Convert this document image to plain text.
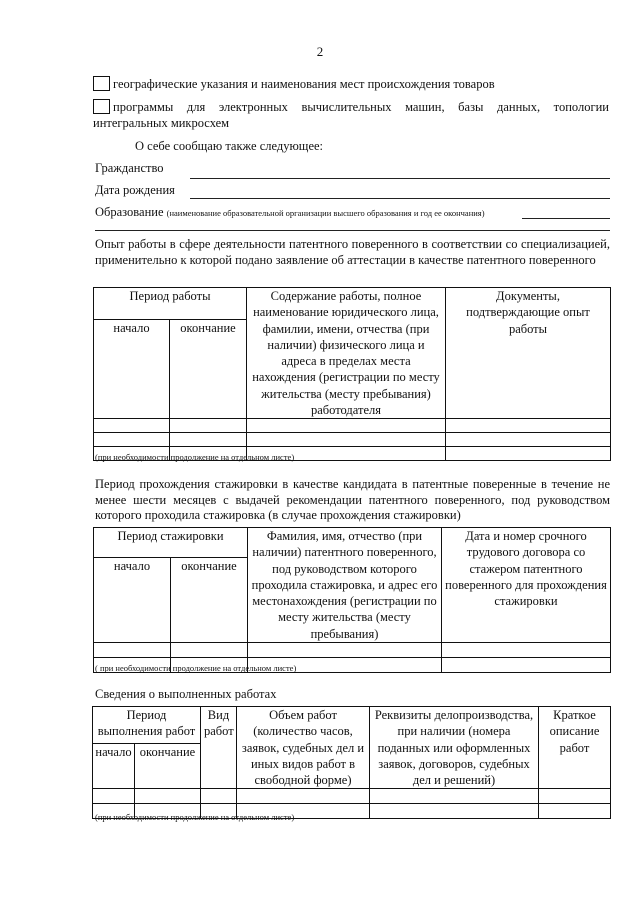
2
географические указания и наименования мест происхождения товаров
программы для электронных вычислительных машин, базы данных, топологии интегральных микросхем
О себе сообщаю также следующее:
Гражданство
Дата рождения
Образование (наименование образовательной организации высшего образования и год ее окончания)
Опыт работы в сфере деятельности патентного поверенного в соответствии со специализацией, применительно к которой подано заявление об аттестации в качестве патентного поверенного
Период работы		Содержание работы, полное наименование юридического лица, фамилии, имени, отчества (при наличии) физического лица и адреса в пределах места нахождения (регистрации по месту жительства (месту пребывания) работодателя	Документы, подтверждающие опыт работы
начало	окончание		

(при необходимости продолжение на отдельном листе)
Период прохождения стажировки в качестве кандидата в патентные поверенные в течение не менее шести месяцев с выдачей рекомендации патентного поверенного, под руководством которого проходила стажировка (в случае прохождения стажировки)
Период стажировки		Фамилия, имя, отчество (при наличии) патентного поверенного, под руководством которого проходила стажировка, и адрес его местонахождения (регистрации по месту жительства (месту пребывания)	Дата и номер срочного трудового договора со стажером патентного поверенного для прохождения стажировки
начало	окончание		

( при необходимости продолжение на отдельном листе)
Сведения о выполненных работах
Период выполнения работ		Вид работ	Объем работ (количество часов, заявок, судебных дел и иных видов работ в свободной форме)	Реквизиты делопроизводства, при наличии (номера поданных или оформленных заявок, договоров, судебных дел и решений)	Краткое описание работ
начало	окончание				

(при необходимости продолжение на отдельном листе)
